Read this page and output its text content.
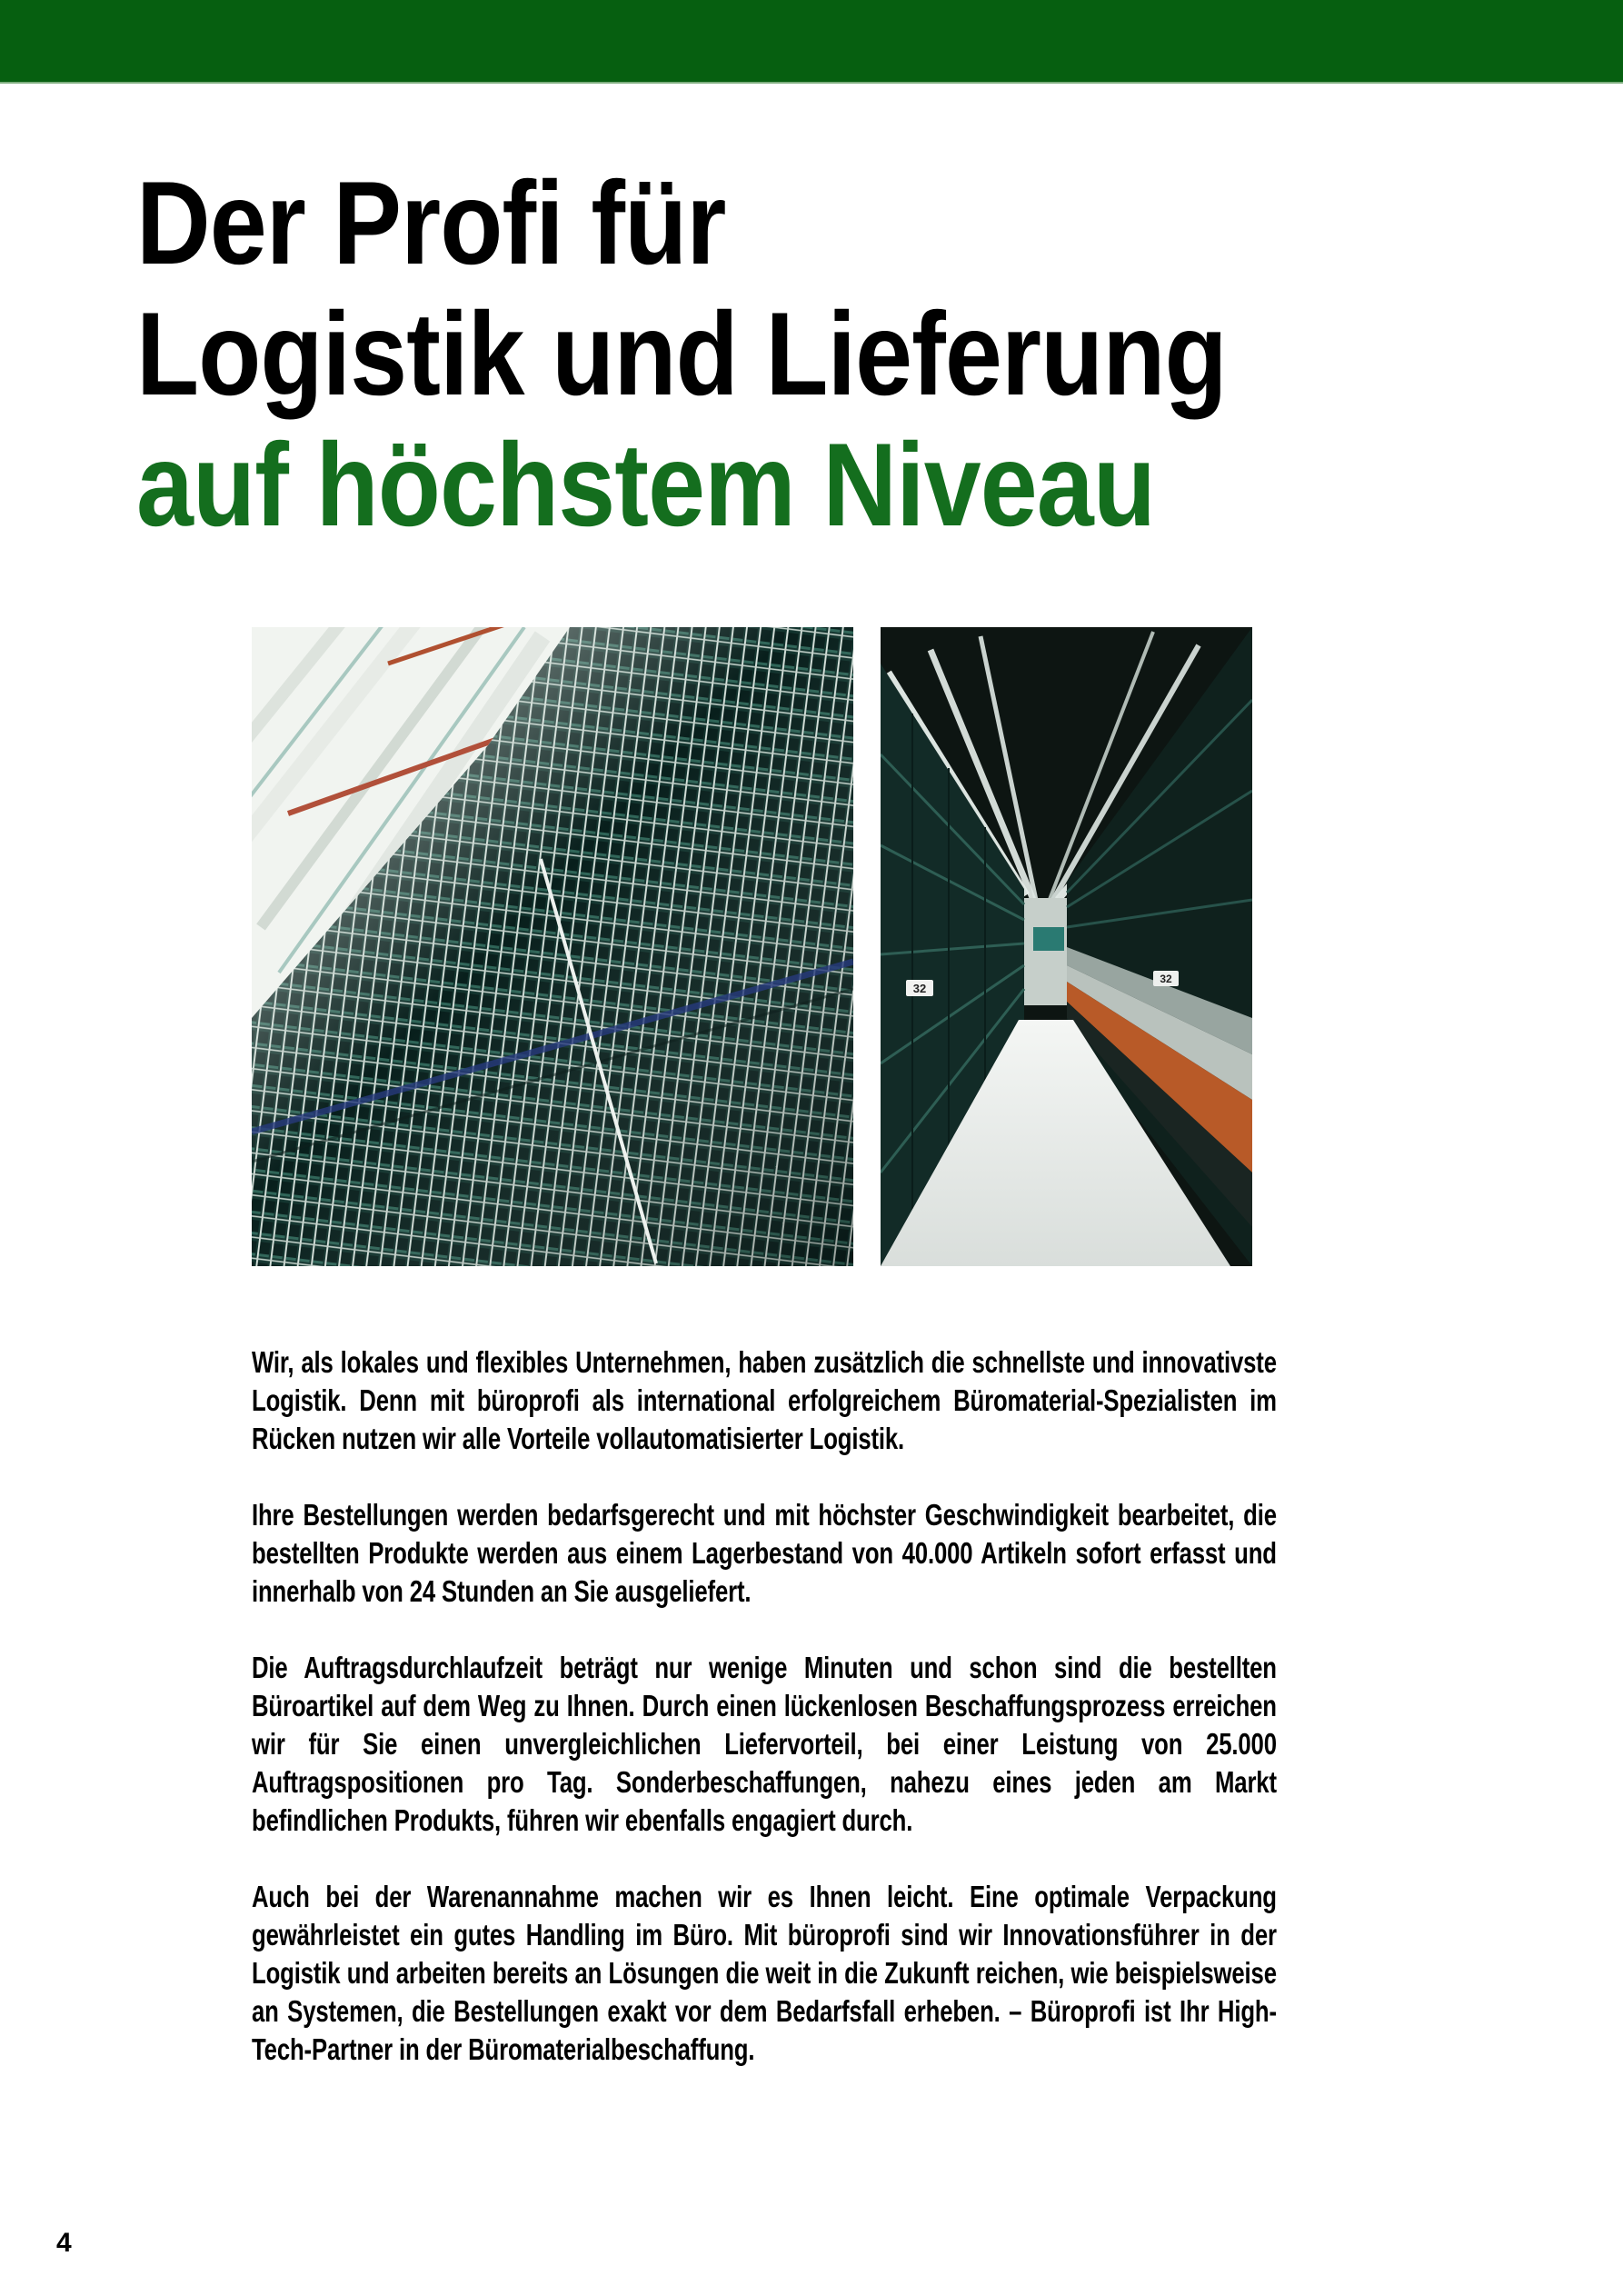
Der Profi für
Logistik und Lieferung
auf höchstem Niveau
32
32

Wir, als lokales und flexibles Unternehmen, haben zusätzlich die schnellste und innovativste Logistik. Denn mit büroprofi als international erfolgreichem Büromaterial-Spezialisten im Rücken nutzen wir alle Vorteile vollautomatisierter Logistik.

Ihre Bestellungen werden bedarfsgerecht und mit höchster Geschwindigkeit bearbeitet, die bestellten Produkte werden aus einem Lagerbestand von 40.000 Artikeln sofort erfasst und innerhalb von 24 Stunden an Sie ausgeliefert.

Die Auftragsdurchlaufzeit beträgt nur wenige Minuten und schon sind die bestellten Büroartikel auf dem Weg zu Ihnen. Durch einen lückenlosen Beschaffungsprozess erreichen wir für Sie einen unvergleichlichen Liefervorteil, bei einer Leistung von 25.000 Auftragspositionen pro Tag. Sonderbeschaffungen, nahezu eines jeden am Markt befindlichen Produkts, führen wir ebenfalls engagiert durch.

Auch bei der Warenannahme machen wir es Ihnen leicht. Eine optimale Verpackung gewährleistet ein gutes Handling im Büro. Mit büroprofi sind wir Innovationsführer in der Logistik und arbeiten bereits an Lösungen die weit in die Zukunft reichen, wie beispielsweise an Systemen, die Bestellungen exakt vor dem Bedarfsfall erheben. – Büroprofi ist Ihr High-Tech-Partner in der Büromaterialbeschaffung.

4
